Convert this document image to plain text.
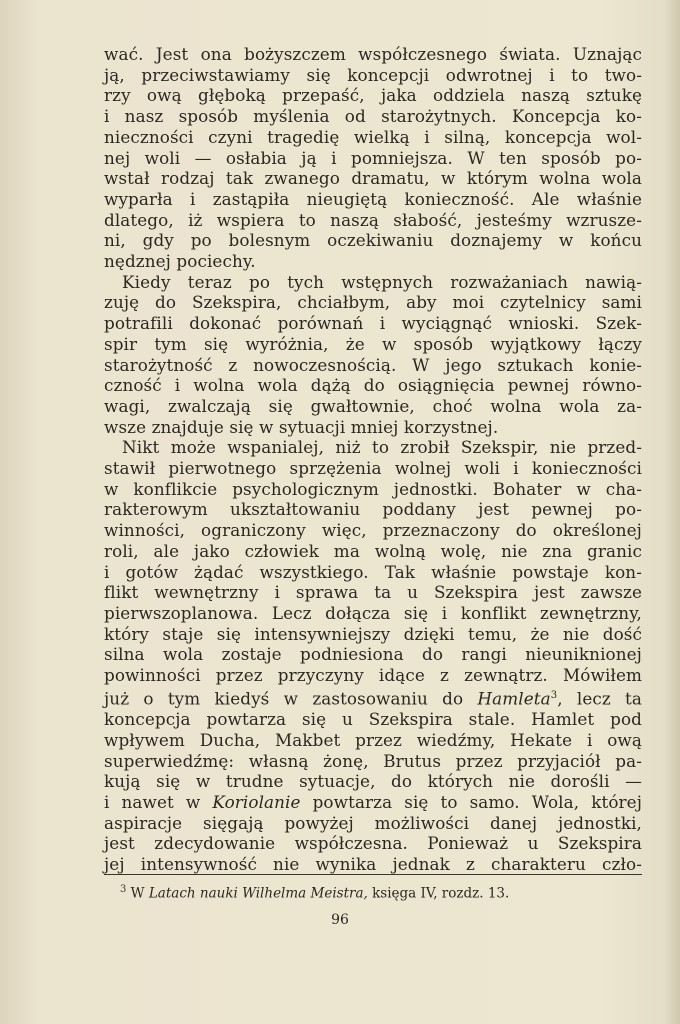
wać. Jest ona bożyszczem współczesnego świata. Uznając
ją, przeciwstawiamy się koncepcji odwrotnej i to two-
rzy ową głęboką przepaść, jaka oddziela naszą sztukę
i nasz sposób myślenia od starożytnych. Koncepcja ko-
nieczności czyni tragedię wielką i silną, koncepcja wol-
nej woli — osłabia ją i pomniejsza. W ten sposób po-
wstał rodzaj tak zwanego dramatu, w którym wolna wola
wyparła i zastąpiła nieugiętą konieczność. Ale właśnie
dlatego, iż wspiera to naszą słabość, jesteśmy wzrusze-
ni, gdy po bolesnym oczekiwaniu doznajemy w końcu
nędznej pociechy.

Kiedy teraz po tych wstępnych rozważaniach nawią-
zuję do Szekspira, chciałbym, aby moi czytelnicy sami
potrafili dokonać porównań i wyciągnąć wnioski. Szek-
spir tym się wyróżnia, że w sposób wyjątkowy łączy
starożytność z nowoczesnością. W jego sztukach konie-
czność i wolna wola dążą do osiągnięcia pewnej równo-
wagi, zwalczają się gwałtownie, choć wolna wola za-
wsze znajduje się w sytuacji mniej korzystnej.

Nikt może wspanialej, niż to zrobił Szekspir, nie przed-
stawił pierwotnego sprzężenia wolnej woli i konieczności
w konflikcie psychologicznym jednostki. Bohater w cha-
rakterowym ukształtowaniu poddany jest pewnej po-
winności, ograniczony więc, przeznaczony do określonej
roli, ale jako człowiek ma wolną wolę, nie zna granic
i gotów żądać wszystkiego. Tak właśnie powstaje kon-
flikt wewnętrzny i sprawa ta u Szekspira jest zawsze
pierwszoplanowa. Lecz dołącza się i konflikt zewnętrzny,
który staje się intensywniejszy dzięki temu, że nie dość
silna wola zostaje podniesiona do rangi nieuniknionej
powinności przez przyczyny idące z zewnątrz. Mówiłem
już o tym kiedyś w zastosowaniu do Hamleta$^3$, lecz ta
koncepcja powtarza się u Szekspira stale. Hamlet pod
wpływem Ducha, Makbet przez wiedźmy, Hekate i ową
superwiedźmę: własną żonę, Brutus przez przyjaciół pa-
kują się w trudne sytuacje, do których nie dorośli —
i nawet w Koriolanie powtarza się to samo. Wola, której
aspiracje sięgają powyżej możliwości danej jednostki,
jest zdecydowanie współczesna. Ponieważ u Szekspira
jej intensywność nie wynika jednak z charakteru czło-

$^3$ W Latach nauki Wilhelma Meistra, księga IV, rozdz. 13.
96
